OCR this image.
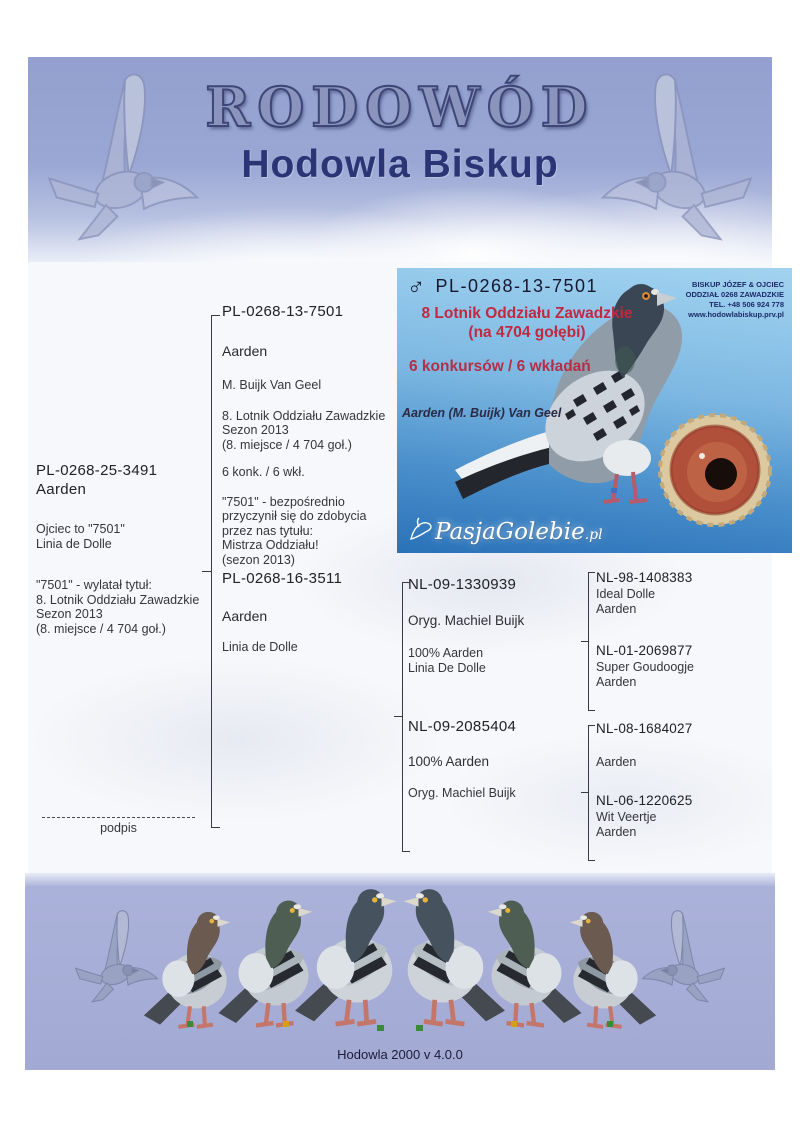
RODOWÓD
Hodowla Biskup
PL-0268-25-3491
Aarden
Ojciec to "7501"
Linia de Dolle
"7501" - wylatał tytuł:
8. Lotnik Oddziału Zawadzkie
Sezon 2013
(8. miejsce / 4 704 goł.)
PL-0268-13-7501
Aarden
M. Buijk Van Geel
8. Lotnik Oddziału Zawadzkie
Sezon 2013
(8. miejsce / 4 704 goł.)
6 konk. / 6 wkł.
"7501" - bezpośrednio
przyczynił się do zdobycia
przez nas tytułu:
Mistrza Oddziału!
(sezon 2013)
PL-0268-16-3511
Aarden
Linia de Dolle
NL-09-1330939
Oryg. Machiel Buijk
100% Aarden
Linia De Dolle
NL-09-2085404
100% Aarden
Oryg. Machiel Buijk
NL-98-1408383
Ideal Dolle
Aarden
NL-01-2069877
Super Goudoogje
Aarden
NL-08-1684027
Aarden
NL-06-1220625
Wit Veertje
Aarden
podpis
♂ PL-0268-13-7501
8 Lotnik Oddziału Zawadzkie
(na 4704 gołębi)
6 konkursów / 6 wkładań
BISKUP JÓZEF & OJCIEC
ODDZIAŁ 0268 ZAWADZKIE
TEL. +48 506 924 778
www.hodowlabiskup.prv.pl
Aarden (M. Buijk) Van Geel
PasjaGolebie.pl
Hodowla 2000 v 4.0.0
